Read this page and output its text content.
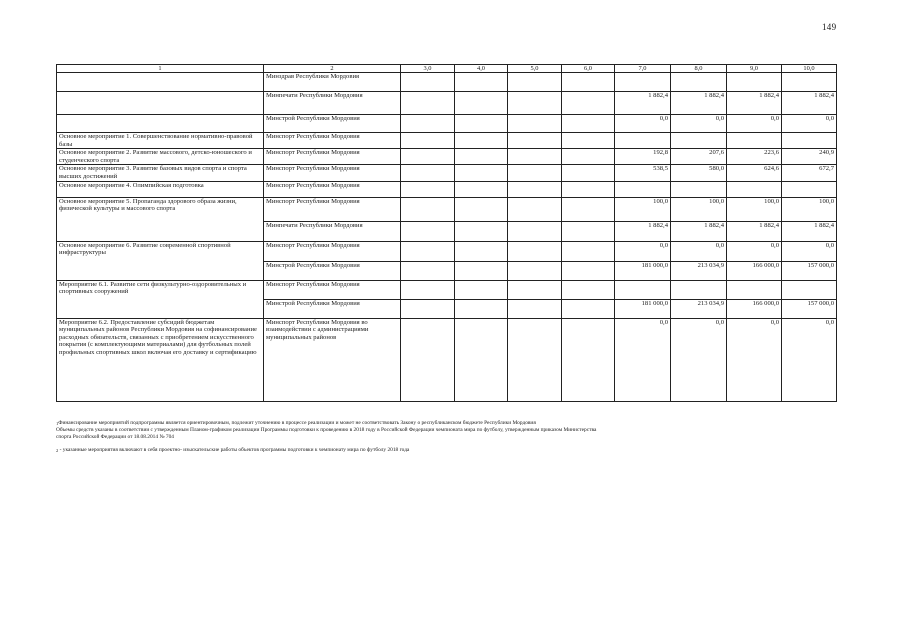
149
1	2	3,0	4,0	5,0	6,0	7,0	8,0	9,0	10,0
	Минздрав Республики Мордовия								
	Минпечати Республики Мордовия					1 882,4	1 882,4	1 882,4	1 882,4
	Минстрой Республики Мордовия					0,0	0,0	0,0	0,0
Основное мероприятие 1. Совершенствование нормативно-правовой базы	Минспорт Республики Мордовия								
Основное мероприятие 2. Развитие массового, детско-юношеского и студенческого спорта	Минспорт Республики Мордовия					192,8	207,6	223,6	240,9
Основное мероприятие 3. Развитие базовых видов спорта и спорта высших достижений	Минспорт Республики Мордовия					538,5	580,0	624,6	672,7
Основное мероприятие 4. Олимпийская подготовка	Минспорт Республики Мордовия								
Основное мероприятие 5. Пропаганда здорового образа жизни, физической культуры и массового спорта	Минспорт Республики Мордовия					100,0	100,0	100,0	100,0
	Минпечати Республики Мордовия					1 882,4	1 882,4	1 882,4	1 882,4
Основное мероприятие 6. Развитие современной спортивной инфраструктуры	Минспорт Республики Мордовия					0,0	0,0	0,0	0,0
	Минстрой Республики Мордовия					181 000,0	213 034,9	166 000,0	157 000,0
Мероприятие 6.1. Развитие сети физкультурно-оздоровительных и спортивных сооружений	Минспорт Республики Мордовия								
	Минстрой Республики Мордовия					181 000,0	213 034,9	166 000,0	157 000,0
Мероприятие 6.2. Предоставление субсидий бюджетам муниципальных районов Республики Мордовия на софинансирование расходных обязательств, связанных с приобретением искусственного покрытия (с комплектующими материалами) для футбольных полей профильных спортивных школ включая его доставку и сертификацию	Минспорт Республики Мордовия во взаимодействии с администрациями муниципальных районов					0,0	0,0	0,0	0,0

$^1$Финансирование мероприятий подпрограммы является ориентировочным, подлежит уточнению в процессе реализации и может не соответствовать Закону о республиканском бюджете Республики Мордовия

Объемы средств указаны в соответствии с утвержденным Планом-графиком реализации Программы подготовки к проведению в 2018 году в Российской Федерации чемпионата мира по футболу, утвержденным приказом Министерства

спорта Российской Федерации от 18.08.2014 № 704

$^2$ - указанные мероприятия включают в себя проектно- изыскательские работы объектов программы подготовки к чемпионату мира по футболу 2018 года
